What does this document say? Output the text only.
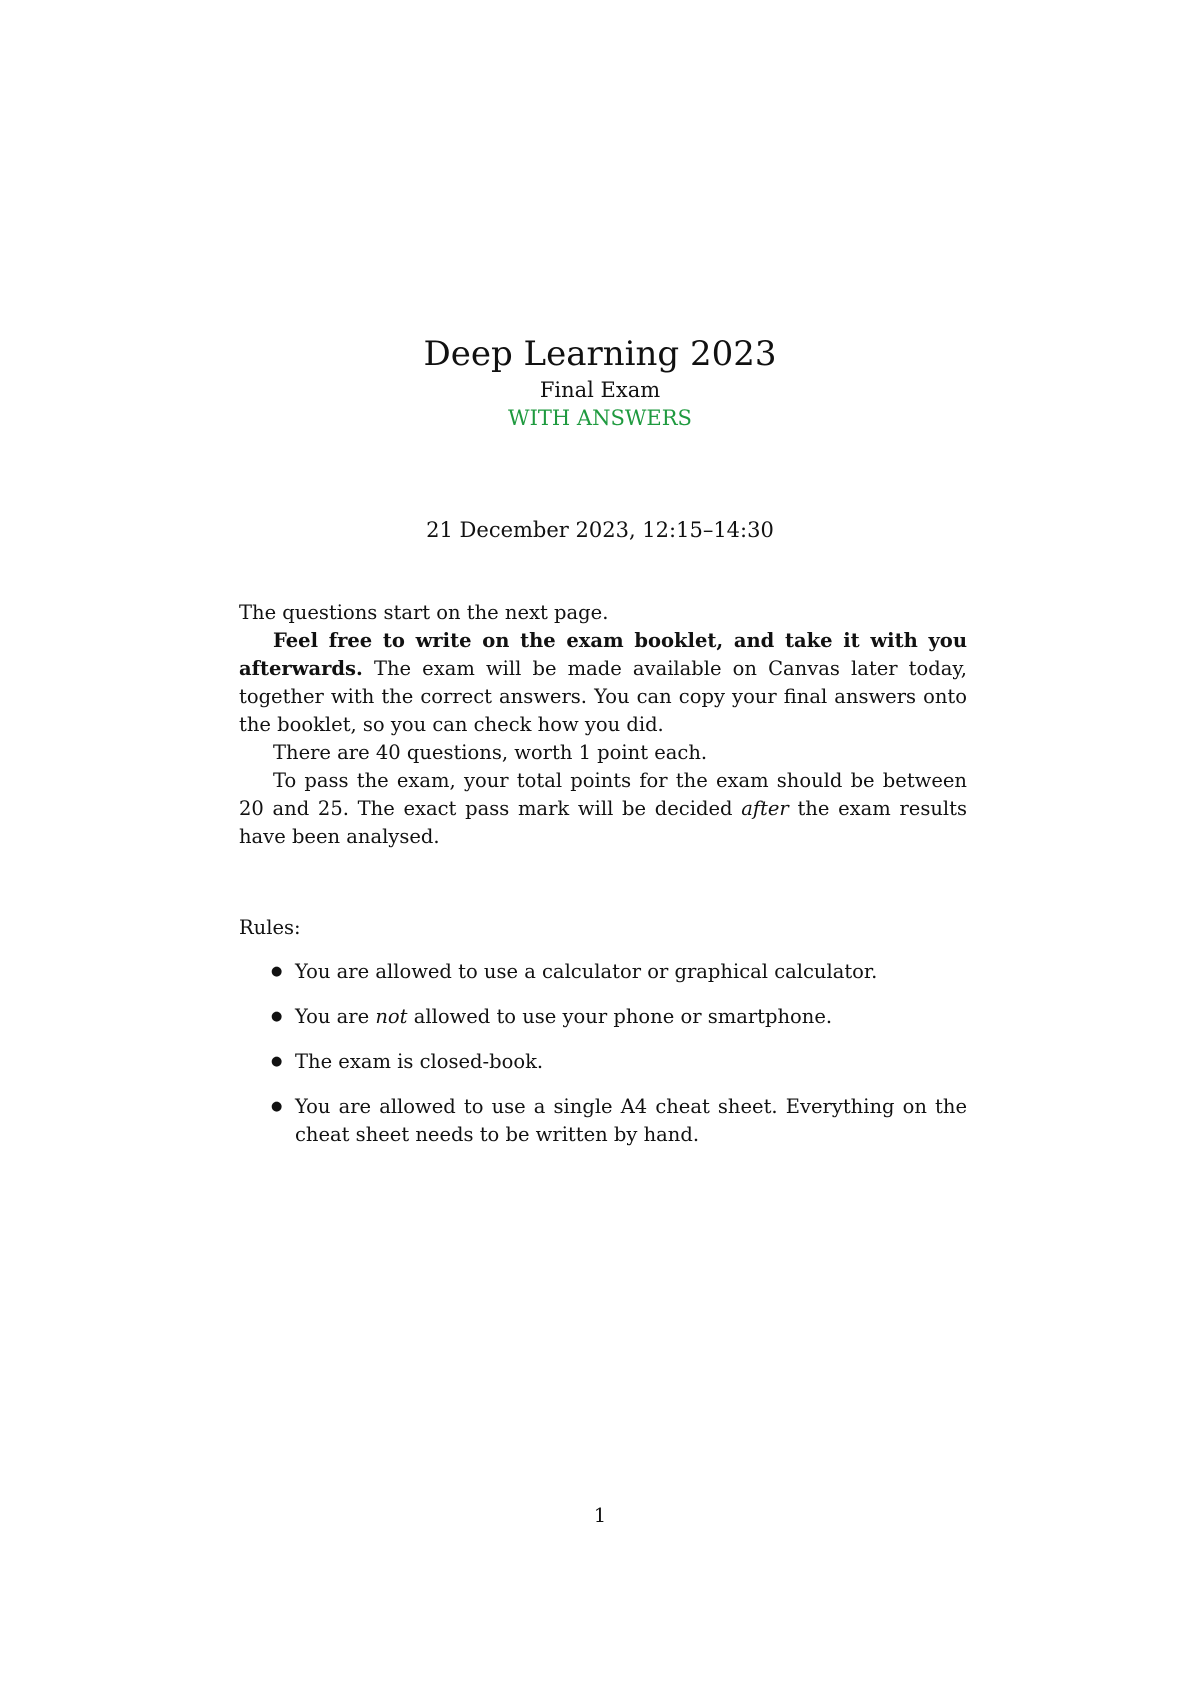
Deep Learning 2023
Final Exam
WITH ANSWERS
21 December 2023, 12:15–14:30

The questions start on the next page.

Feel free to write on the exam booklet, and take it with you afterwards. The exam will be made available on Canvas later today, together with the correct answers. You can copy your final answers onto the booklet, so you can check how you did.

There are 40 questions, worth 1 point each.

To pass the exam, your total points for the exam should be between 20 and 25. The exact pass mark will be decided after the exam results have been analysed.

Rules:
● You are allowed to use a calculator or graphical calculator.
● You are not allowed to use your phone or smartphone.
● The exam is closed-book.
● You are allowed to use a single A4 cheat sheet. Everything on the cheat sheet needs to be written by hand.
1
